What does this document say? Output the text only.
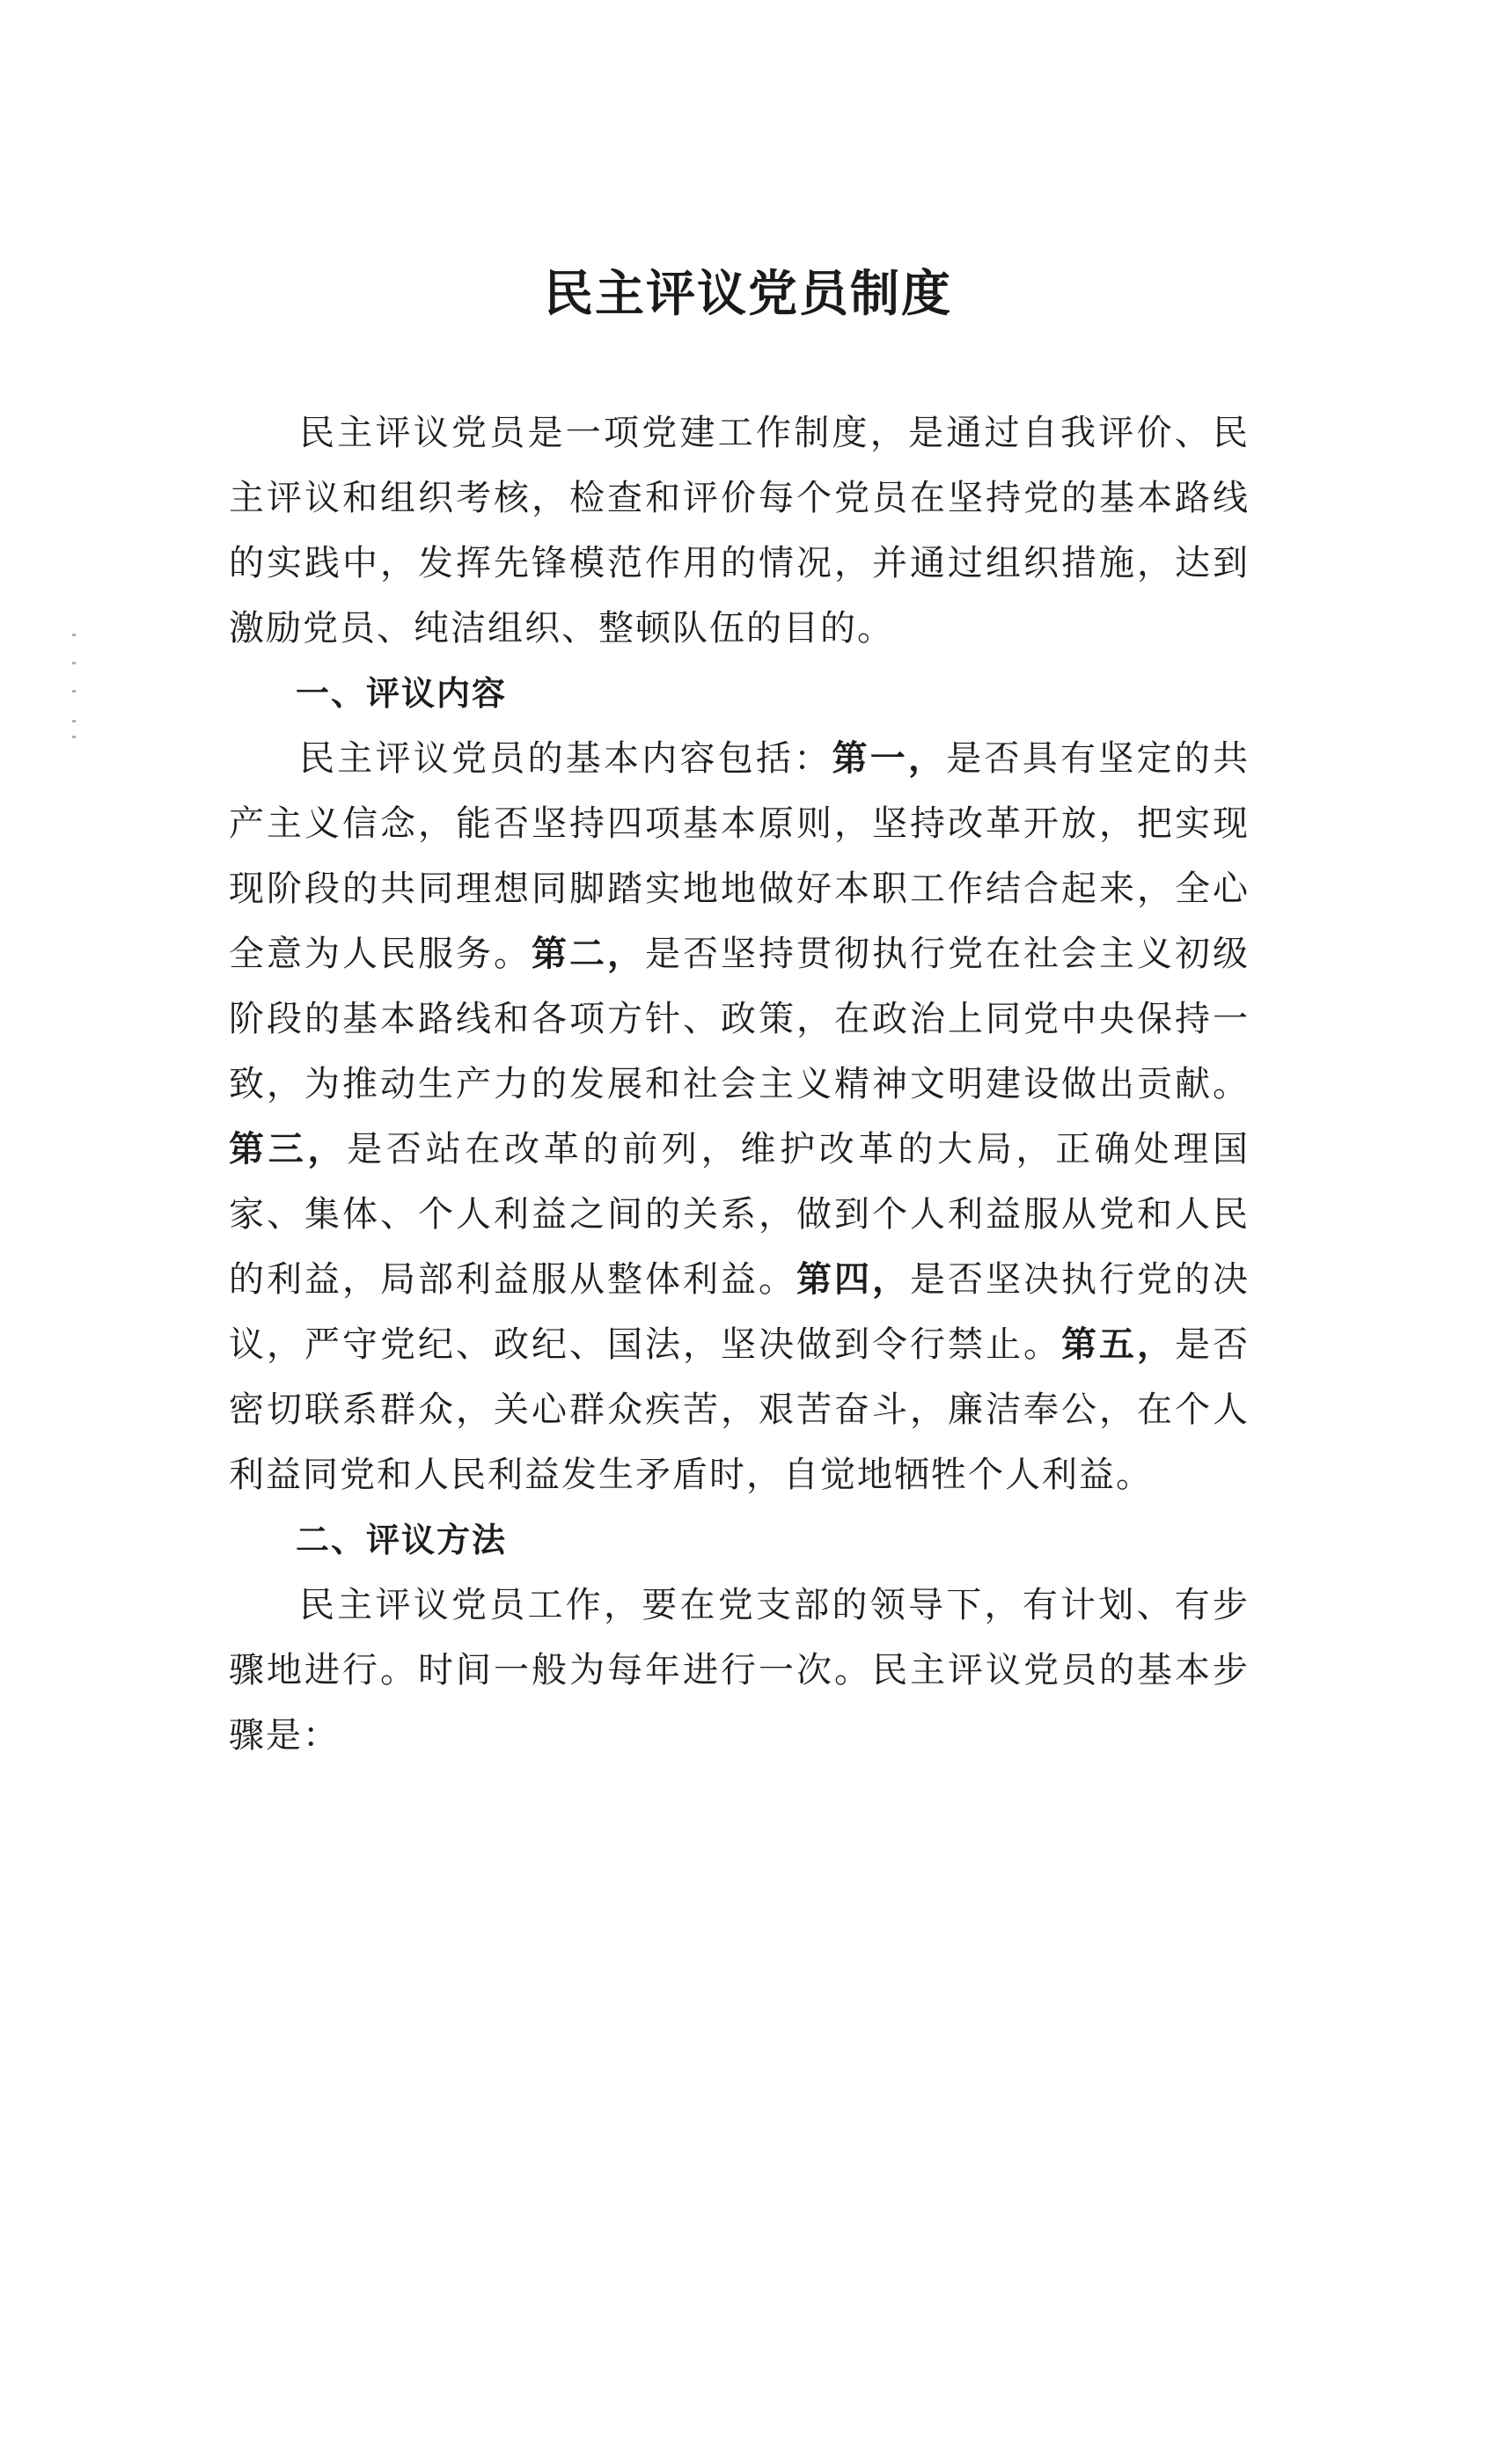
民主评议党员制度

民主评议党员是一项党建工作制度，是通过自我评价、民主评议和组织考核，检查和评价每个党员在坚持党的基本路线的实践中，发挥先锋模范作用的情况，并通过组织措施，达到激励党员、纯洁组织、整顿队伍的目的。

一、评议内容

民主评议党员的基本内容包括：第一，是否具有坚定的共产主义信念，能否坚持四项基本原则，坚持改革开放，把实现现阶段的共同理想同脚踏实地地做好本职工作结合起来，全心全意为人民服务。第二，是否坚持贯彻执行党在社会主义初级阶段的基本路线和各项方针、政策，在政治上同党中央保持一致，为推动生产力的发展和社会主义精神文明建设做出贡献。第三，是否站在改革的前列，维护改革的大局，正确处理国家、集体、个人利益之间的关系，做到个人利益服从党和人民的利益，局部利益服从整体利益。第四，是否坚决执行党的决议，严守党纪、政纪、国法，坚决做到令行禁止。第五，是否密切联系群众，关心群众疾苦，艰苦奋斗，廉洁奉公，在个人利益同党和人民利益发生矛盾时，自觉地牺牲个人利益。

二、评议方法

民主评议党员工作，要在党支部的领导下，有计划、有步骤地进行。时间一般为每年进行一次。民主评议党员的基本步骤是：
